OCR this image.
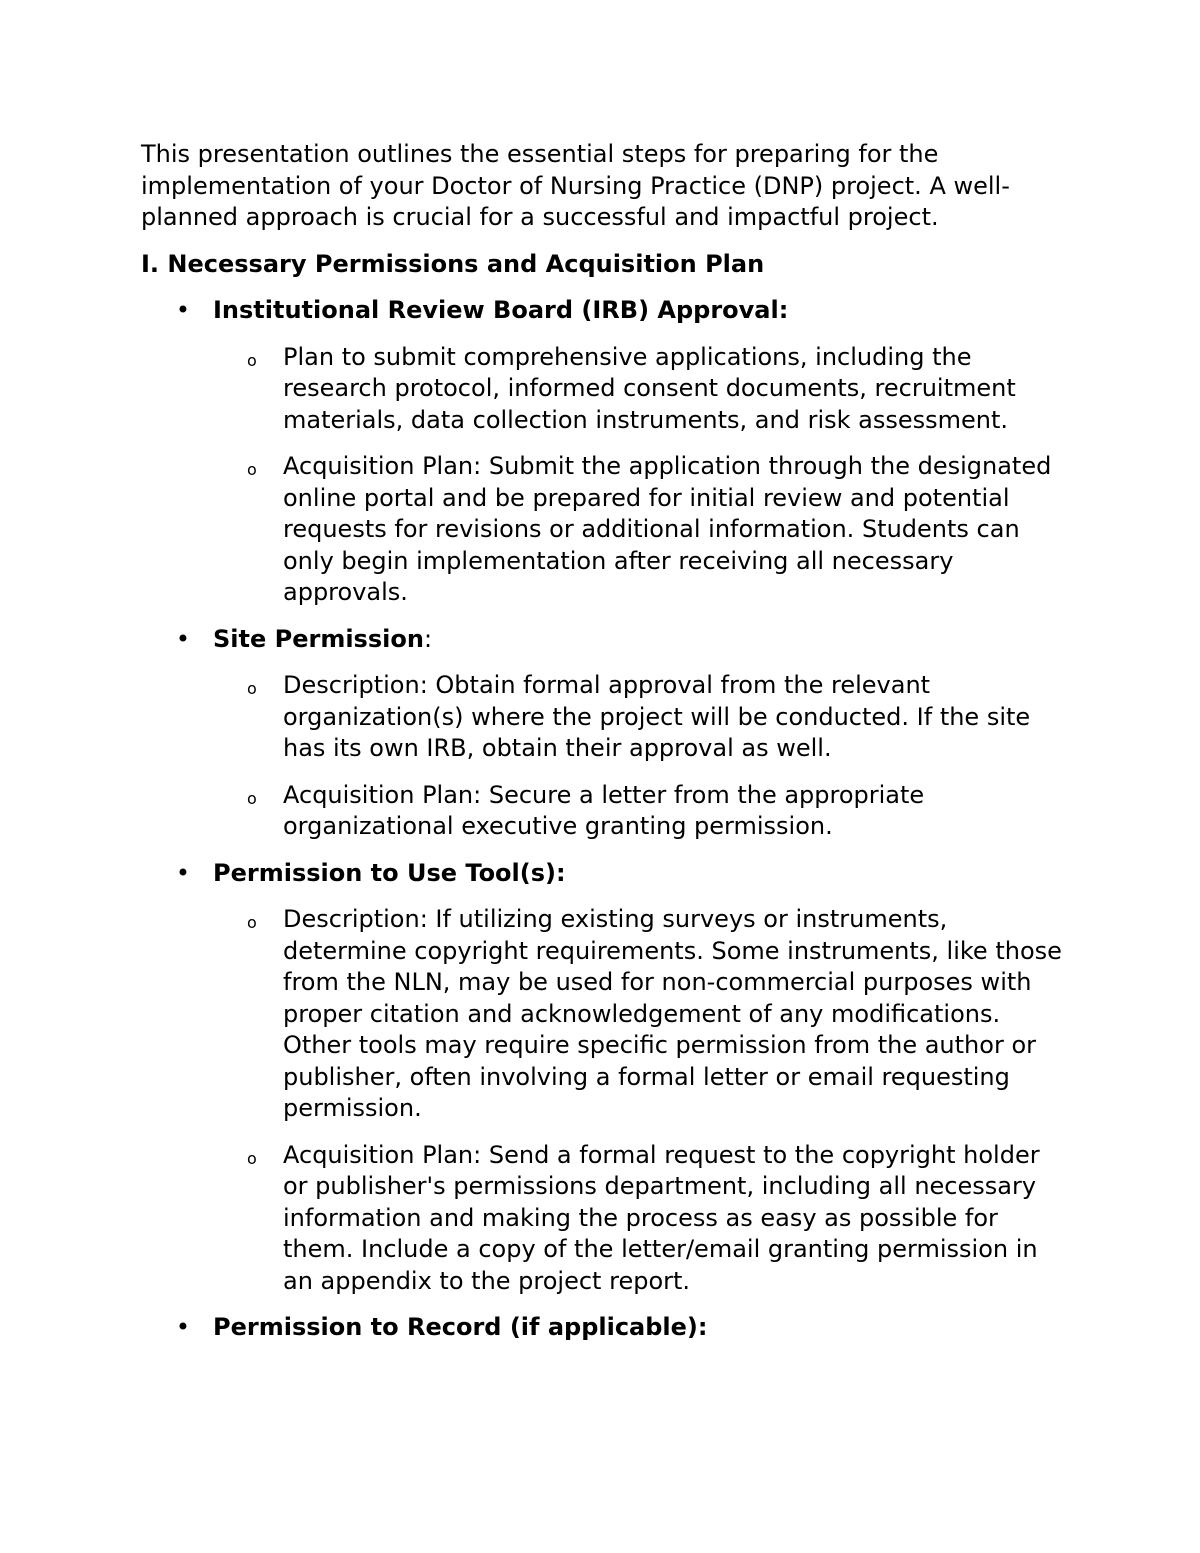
This presentation outlines the essential steps for preparing for the implementation of your Doctor of Nursing Practice (DNP) project. A well-planned approach is crucial for a successful and impactful project.

I. Necessary Permissions and Acquisition Plan
• Institutional Review Board (IRB) Approval:
o Plan to submit comprehensive applications, including the research protocol, informed consent documents, recruitment materials, data collection instruments, and risk assessment.
o Acquisition Plan: Submit the application through the designated online portal and be prepared for initial review and potential requests for revisions or additional information. Students can only begin implementation after receiving all necessary approvals.
• Site Permission:
o Description: Obtain formal approval from the relevant organization(s) where the project will be conducted. If the site has its own IRB, obtain their approval as well.
o Acquisition Plan: Secure a letter from the appropriate organizational executive granting permission.
• Permission to Use Tool(s):
o Description: If utilizing existing surveys or instruments, determine copyright requirements. Some instruments, like those from the NLN, may be used for non-commercial purposes with proper citation and acknowledgement of any modifications. Other tools may require specific permission from the author or publisher, often involving a formal letter or email requesting permission.
o Acquisition Plan: Send a formal request to the copyright holder or publisher's permissions department, including all necessary information and making the process as easy as possible for them. Include a copy of the letter/email granting permission in an appendix to the project report.
• Permission to Record (if applicable):
